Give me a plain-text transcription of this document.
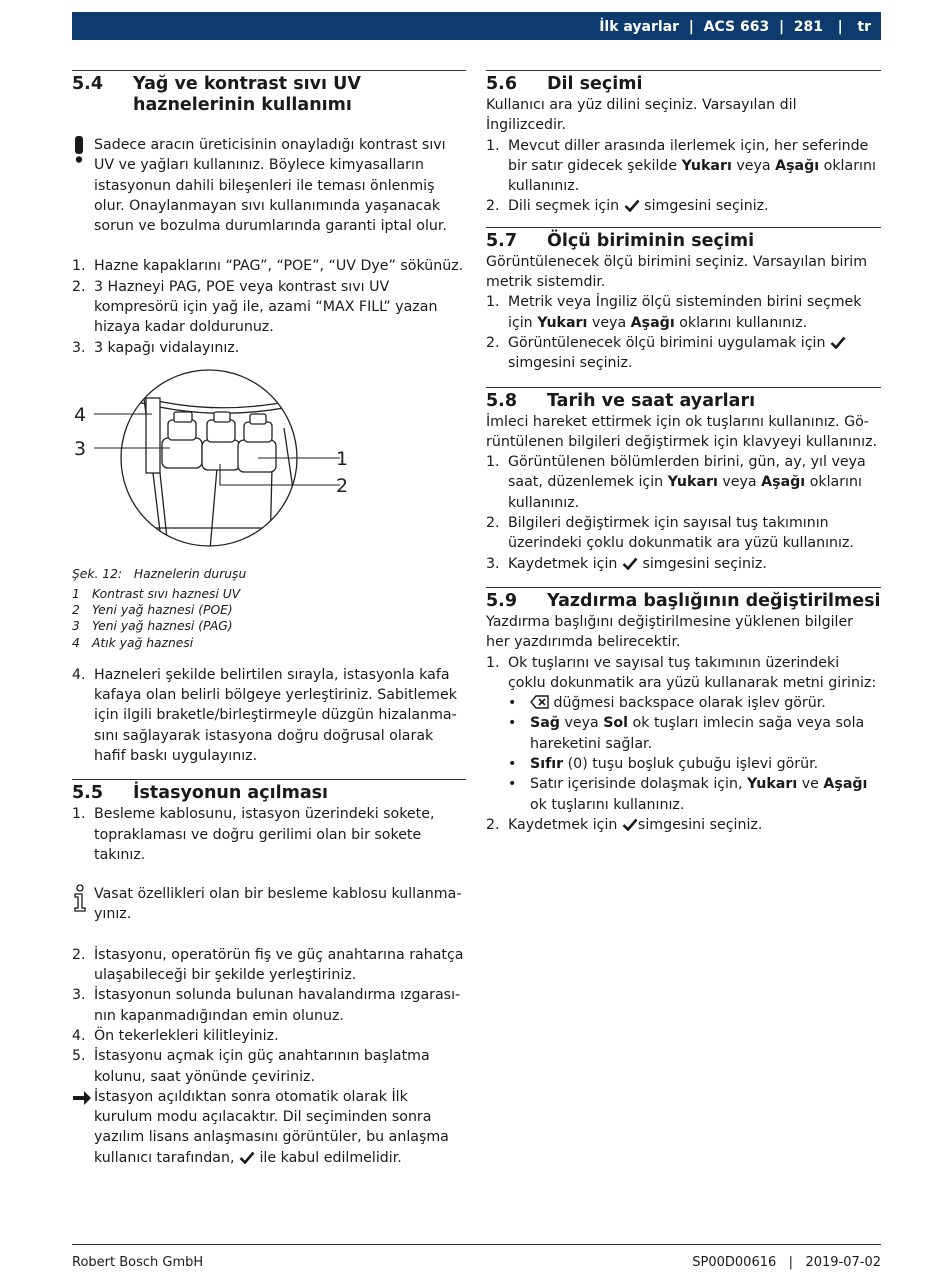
İlk ayarlar  |  ACS 663  |  281   |   tr
5.4	Yağ ve kontrast sıvı UV haznelerinin kullanımı

Sadece aracın üreticisinin onayladığı kontrast sıvı UV ve yağları kullanınız. Böylece kimyasalların istasyonun dahili bileşenleri ile teması önlenmiş olur. Onaylanmayan sıvı kullanımında yaşanacak sorun ve bozulma durumlarında garanti iptal olur.

1. Hazne kapaklarını “PAG”, “POE”, “UV Dye” sökünüz.
2. 3 Hazneyi PAG, POE veya kontrast sıvı UV kompresörü için yağ ile, azami “MAX FILL” yazan hizaya kadar doldurunuz.
3. 3 kapağı vidalayınız.
4
3	1
2

Şek. 12: Haznelerin duruşu

1 Kontrast sıvı haznesi UV
2 Yeni yağ haznesi (POE)
3 Yeni yağ haznesi (PAG)
4 Atık yağ haznesi
4. Hazneleri şekilde belirtilen sırayla, istasyonla kafa kafaya olan belirli bölgeye yerleştiriniz. Sabitlemek için ilgili braketle/birleştirmeyle düzgün hizalanmasını sağlayarak istasyona doğru doğrusal olarak hafif baskı uygulayınız.
5.5	İstasyonun açılması
1. Besleme kablosunu, istasyon üzerindeki sokete, topraklaması ve doğru gerilimi olan bir sokete takınız.

Vasat özellikleri olan bir besleme kablosu kullanmayınız.

2. İstasyonu, operatörün fiş ve güç anahtarına rahatça ulaşabileceği bir şekilde yerleştiriniz.
3. İstasyonun solunda bulunan havalandırma ızgarasının kapanmadığından emin olunuz.
4. Ön tekerlekleri kilitleyiniz.
5. İstasyonu açmak için güç anahtarının başlatma kolunu, saat yönünde çeviriniz.

İstasyon açıldıktan sonra otomatik olarak İlk kurulum modu açılacaktır. Dil seçiminden sonra yazılım lisans anlaşmasını görüntüler, bu anlaşma kullanıcı tarafından, ile kabul edilmelidir.

5.6	Dil seçimi

Kullanıcı ara yüz dilini seçiniz. Varsayılan dil İngilizcedir.

1. Mevcut diller arasında ilerlemek için, her seferinde bir satır gidecek şekilde Yukarı veya Aşağı oklarını kullanınız.
2. Dili seçmek için simgesini seçiniz.
5.7	Ölçü biriminin seçimi

Görüntülenecek ölçü birimini seçiniz. Varsayılan birim metrik sistemdir.

1. Metrik veya İngiliz ölçü sisteminden birini seçmek için Yukarı veya Aşağı oklarını kullanınız.
2. Görüntülenecek ölçü birimini uygulamak için  simgesini seçiniz.
5.8	Tarih ve saat ayarları

İmleci hareket ettirmek için ok tuşlarını kullanınız. Görüntülenen bilgileri değiştirmek için klavyeyi kullanınız.

1. Görüntülenen bölümlerden birini, gün, ay, yıl veya saat, düzenlemek için Yukarı veya Aşağı oklarını kullanınız.
2. Bilgileri değiştirmek için sayısal tuş takımının üzerindeki çoklu dokunmatik ara yüzü kullanınız.
3. Kaydetmek için simgesini seçiniz.
5.9	Yazdırma başlığının değiştirilmesi

Yazdırma başlığını değiştirilmesine yüklenen bilgiler her yazdırımda belirecektir.

1. Ok tuşlarını ve sayısal tuş takımının üzerindeki çoklu dokunmatik ara yüzü kullanarak metni giriniz:
•	düğmesi backspace olarak işlev görür.
• Sağ veya Sol ok tuşları imlecin sağa veya sola hareketini sağlar.
• Sıfır (0) tuşu boşluk çubuğu işlevi görür.
• Satır içerisinde dolaşmak için, Yukarı ve Aşağı ok tuşlarını kullanınız.
2. Kaydetmek için simgesini seçiniz.
Robert Bosch GmbH	SP00D00616   |   2019-07-02
